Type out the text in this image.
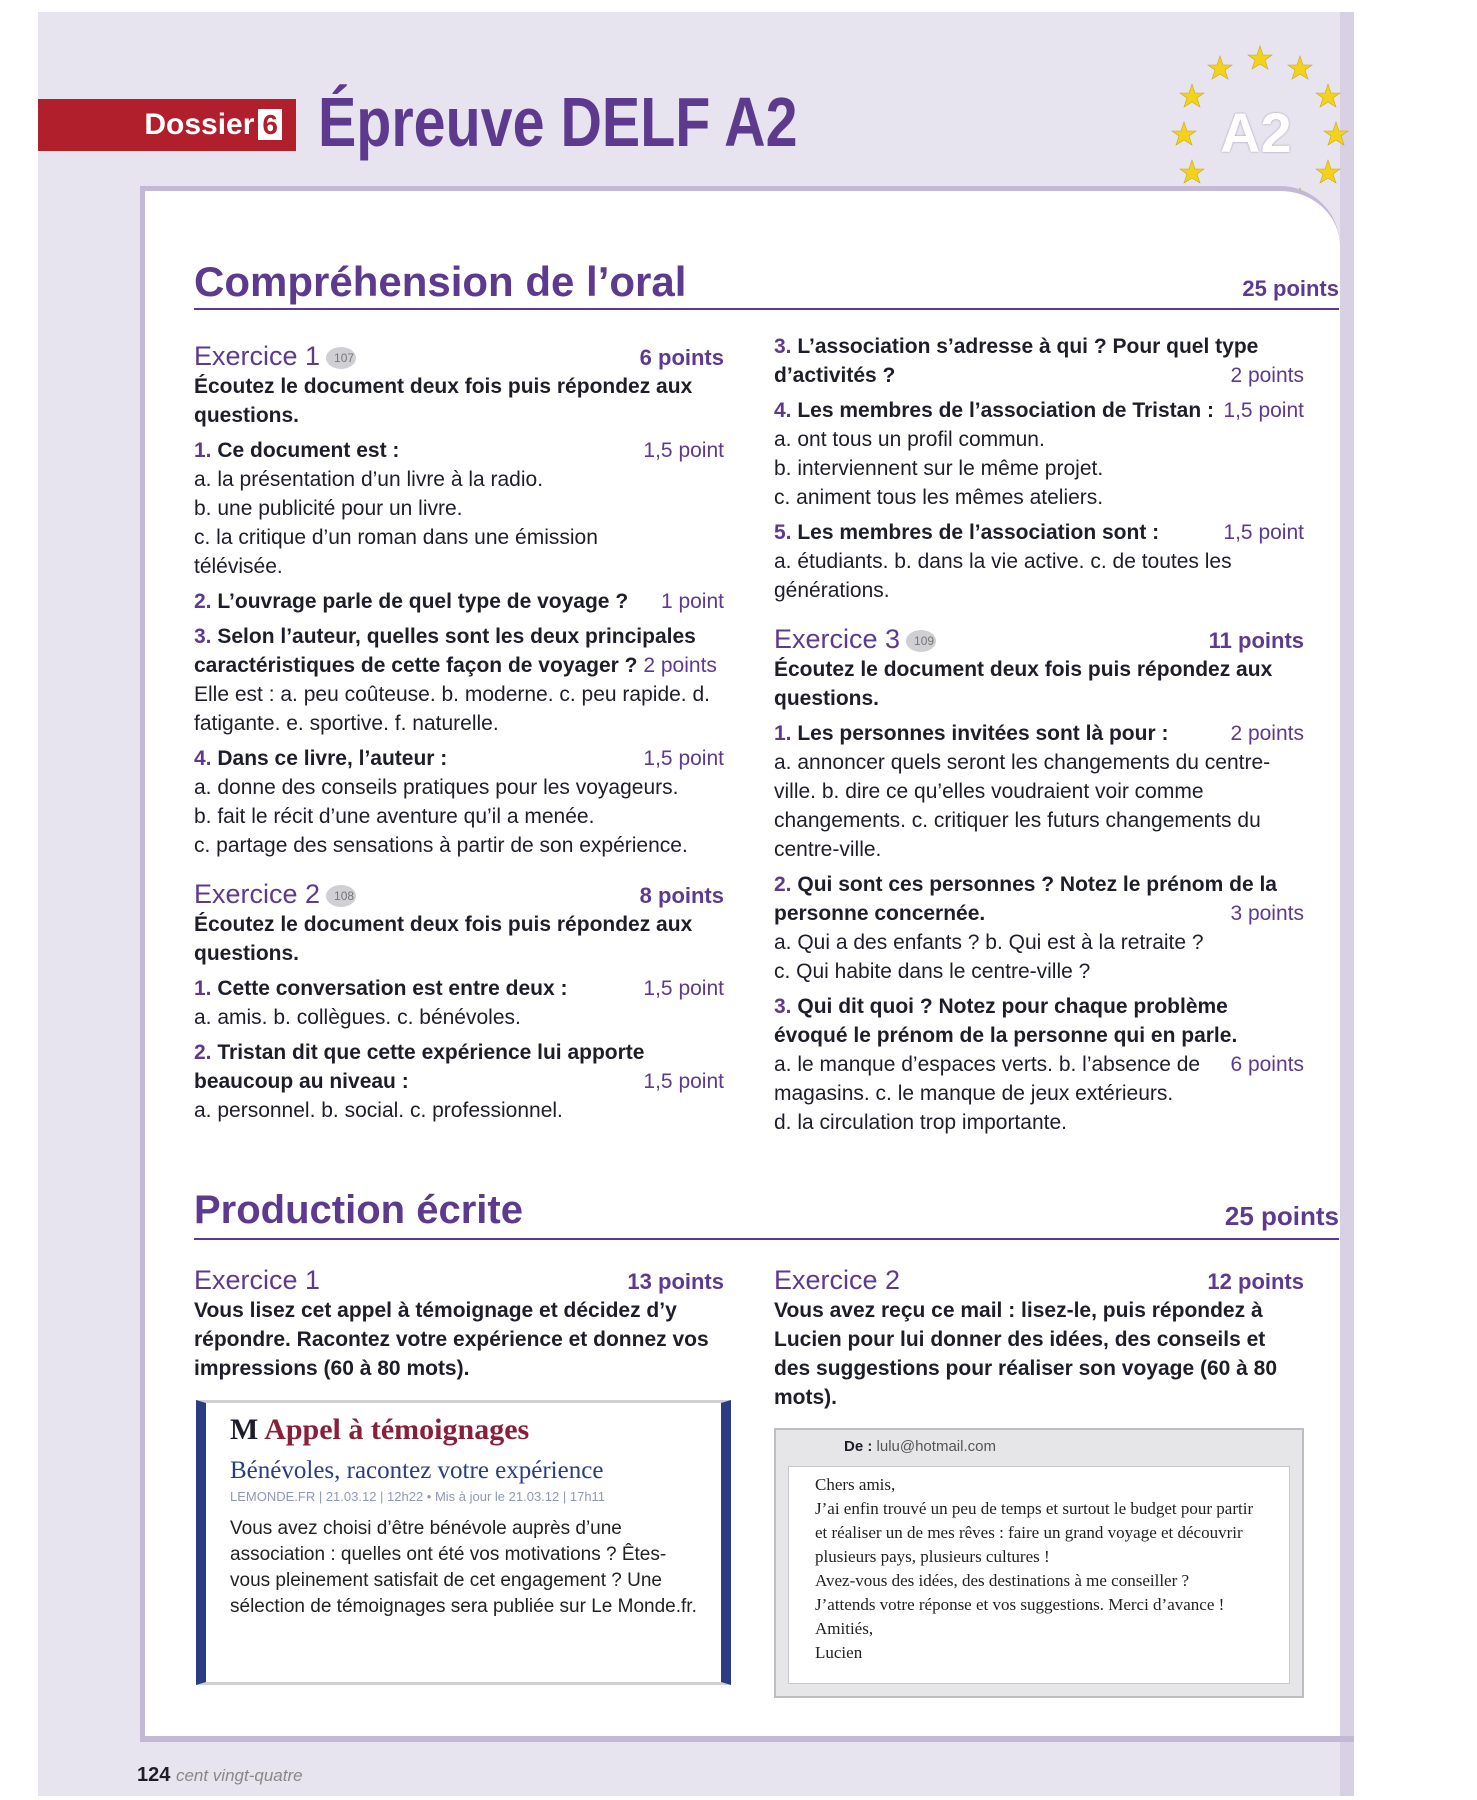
Dossier 6 Épreuve DELF A2	A2
Compréhension de l’oral	25 points
Exercice 1 107	6 points
Écoutez le document deux fois puis répondez aux questions.
1. Ce document est :	1,5 point
a. la présentation d’un livre à la radio.
b. une publicité pour un livre.
c. la critique d’un roman dans une émission télévisée.
2. L’ouvrage parle de quel type de voyage ? 1 point
3. Selon l’auteur, quelles sont les deux principales caractéristiques de cette façon de voyager ? 2 points
Elle est : a. peu coûteuse. b. moderne. c. peu rapide. d. fatigante. e. sportive. f. naturelle.
4. Dans ce livre, l’auteur :	1,5 point
a. donne des conseils pratiques pour les voyageurs.
b. fait le récit d’une aventure qu’il a menée.
c. partage des sensations à partir de son expérience.
Exercice 2 108	8 points
Écoutez le document deux fois puis répondez aux questions.
1. Cette conversation est entre deux :	1,5 point
a. amis. b. collègues. c. bénévoles.
2. Tristan dit que cette expérience lui apporte beaucoup au niveau :	1,5 point
a. personnel. b. social. c. professionnel.
3. L’association s’adresse à qui ? Pour quel type d’activités ?	2 points
4. Les membres de l’association de Tristan : 1,5 point
a. ont tous un profil commun.
b. interviennent sur le même projet.
c. animent tous les mêmes ateliers.
5. Les membres de l’association sont :	1,5 point
a. étudiants. b. dans la vie active. c. de toutes les générations.
Exercice 3 109	11 points
Écoutez le document deux fois puis répondez aux questions.
1. Les personnes invitées sont là pour :	2 points
a. annoncer quels seront les changements du centre-ville. b. dire ce qu’elles voudraient voir comme changements. c. critiquer les futurs changements du centre-ville.
2. Qui sont ces personnes ? Notez le prénom de la personne concernée.	3 points
a. Qui a des enfants ? b. Qui est à la retraite ?
c. Qui habite dans le centre-ville ?
3. Qui dit quoi ? Notez pour chaque problème évoqué le prénom de la personne qui en parle.
6 points
a. le manque d’espaces verts. b. l’absence de magasins. c. le manque de jeux extérieurs.
d. la circulation trop importante.
Production écrite	25 points
Exercice 1	13 points
Vous lisez cet appel à témoignage et décidez d’y répondre. Racontez votre expérience et donnez vos impressions (60 à 80 mots).
M Appel à témoignages
Bénévoles, racontez votre expérience
LEMONDE.FR | 21.03.12 | 12h22 • Mis à jour le 21.03.12 | 17h11
Vous avez choisi d’être bénévole auprès d’une association : quelles ont été vos motivations ? Êtes-vous pleinement satisfait de cet engagement ? Une sélection de témoignages sera publiée sur Le Monde.fr.
Exercice 2	12 points
Vous avez reçu ce mail : lisez-le, puis répondez à Lucien pour lui donner des idées, des conseils et des suggestions pour réaliser son voyage (60 à 80 mots).
De : lulu@hotmail.com
Chers amis,
J’ai enfin trouvé un peu de temps et surtout le budget pour partir et réaliser un de mes rêves : faire un grand voyage et découvrir plusieurs pays, plusieurs cultures !
Avez-vous des idées, des destinations à me conseiller ?
J’attends votre réponse et vos suggestions. Merci d’avance !
Amitiés,
Lucien
124 cent vingt-quatre
